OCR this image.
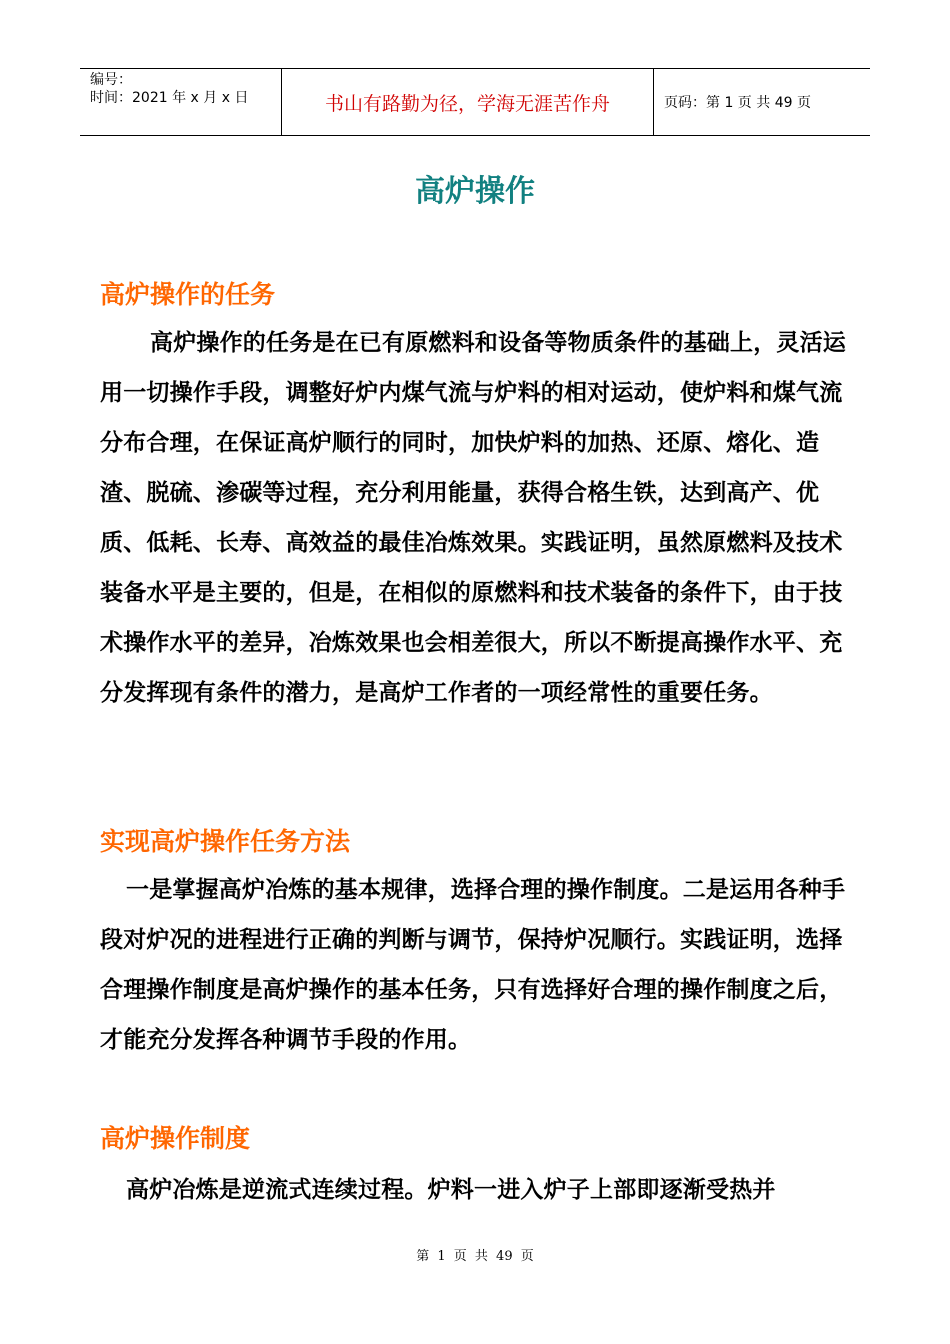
编号：
时间：2021 年 x 月 x 日	书山有路勤为径，学海无涯苦作舟	页码：第 1 页 共 49 页
高炉操作
高炉操作的任务

高炉操作的任务是在已有原燃料和设备等物质条件的基础上，灵活运用一切操作手段，调整好炉内煤气流与炉料的相对运动，使炉料和煤气流分布合理，在保证高炉顺行的同时，加快炉料的加热、还原、熔化、造渣、脱硫、渗碳等过程，充分利用能量，获得合格生铁，达到高产、优质、低耗、长寿、高效益的最佳冶炼效果。实践证明，虽然原燃料及技术装备水平是主要的，但是，在相似的原燃料和技术装备的条件下，由于技术操作水平的差异，冶炼效果也会相差很大，所以不断提高操作水平、充分发挥现有条件的潜力，是高炉工作者的一项经常性的重要任务。

实现高炉操作任务方法

一是掌握高炉冶炼的基本规律，选择合理的操作制度。二是运用各种手段对炉况的进程进行正确的判断与调节，保持炉况顺行。实践证明，选择合理操作制度是高炉操作的基本任务，只有选择好合理的操作制度之后，才能充分发挥各种调节手段的作用。

高炉操作制度

高炉冶炼是逆流式连续过程。炉料一进入炉子上部即逐渐受热并

第 1 页 共 49 页
